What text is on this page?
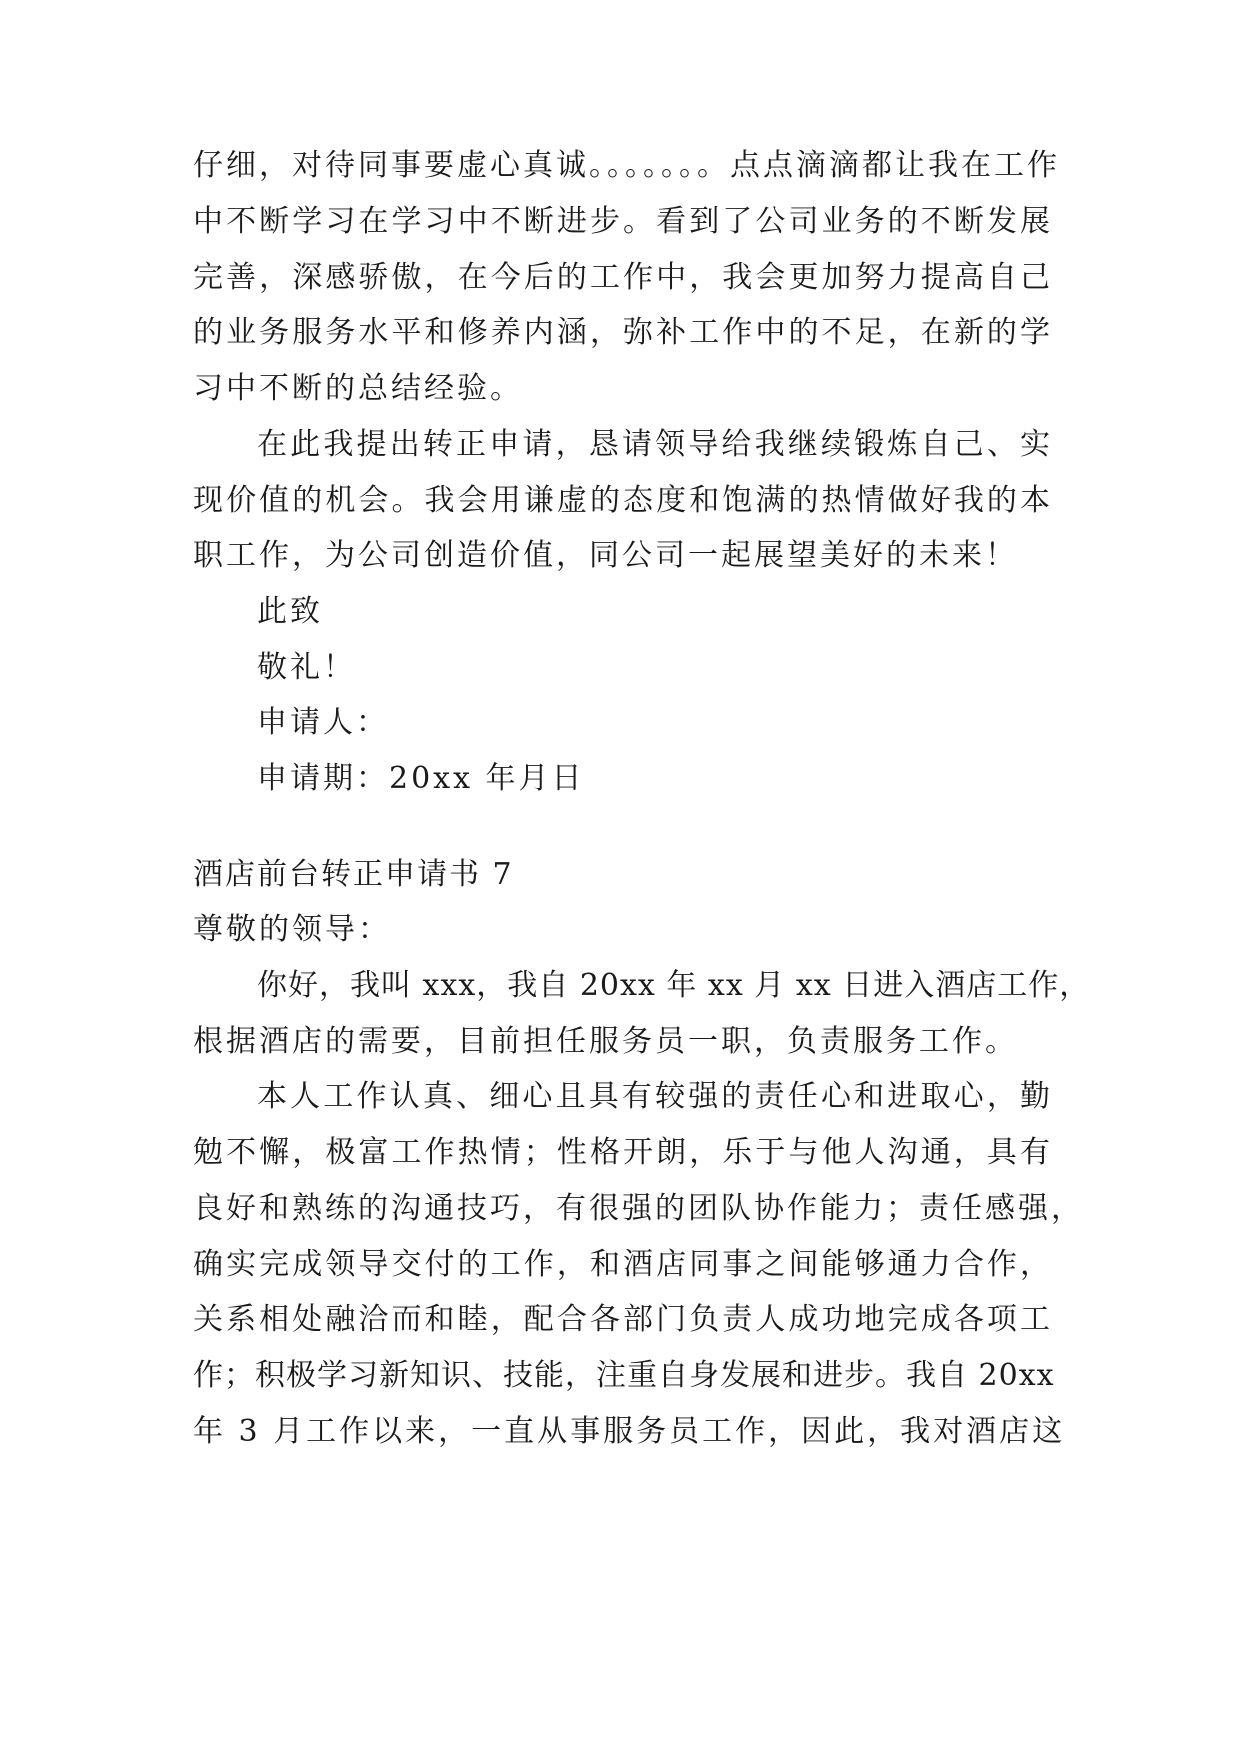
仔细，对待同事要虚心真诚。。。。。。。点点滴滴都让我在工作
中不断学习在学习中不断进步。看到了公司业务的不断发展
完善，深感骄傲，在今后的工作中，我会更加努力提高自己
的业务服务水平和修养内涵，弥补工作中的不足，在新的学
习中不断的总结经验。
在此我提出转正申请，恳请领导给我继续锻炼自己、实
现价值的机会。我会用谦虚的态度和饱满的热情做好我的本
职工作，为公司创造价值，同公司一起展望美好的未来！
此致
敬礼！
申请人：
申请期：20xx 年月日
酒店前台转正申请书 7
尊敬的领导：
你好，我叫 xxx，我自 20xx 年 xx 月 xx 日进入酒店工作，
根据酒店的需要，目前担任服务员一职，负责服务工作。
本人工作认真、细心且具有较强的责任心和进取心，勤
勉不懈，极富工作热情；性格开朗，乐于与他人沟通，具有
良好和熟练的沟通技巧，有很强的团队协作能力；责任感强，
确实完成领导交付的工作，和酒店同事之间能够通力合作，
关系相处融洽而和睦，配合各部门负责人成功地完成各项工
作；积极学习新知识、技能，注重自身发展和进步。我自 20xx
年 3 月工作以来，一直从事服务员工作，因此，我对酒店这
